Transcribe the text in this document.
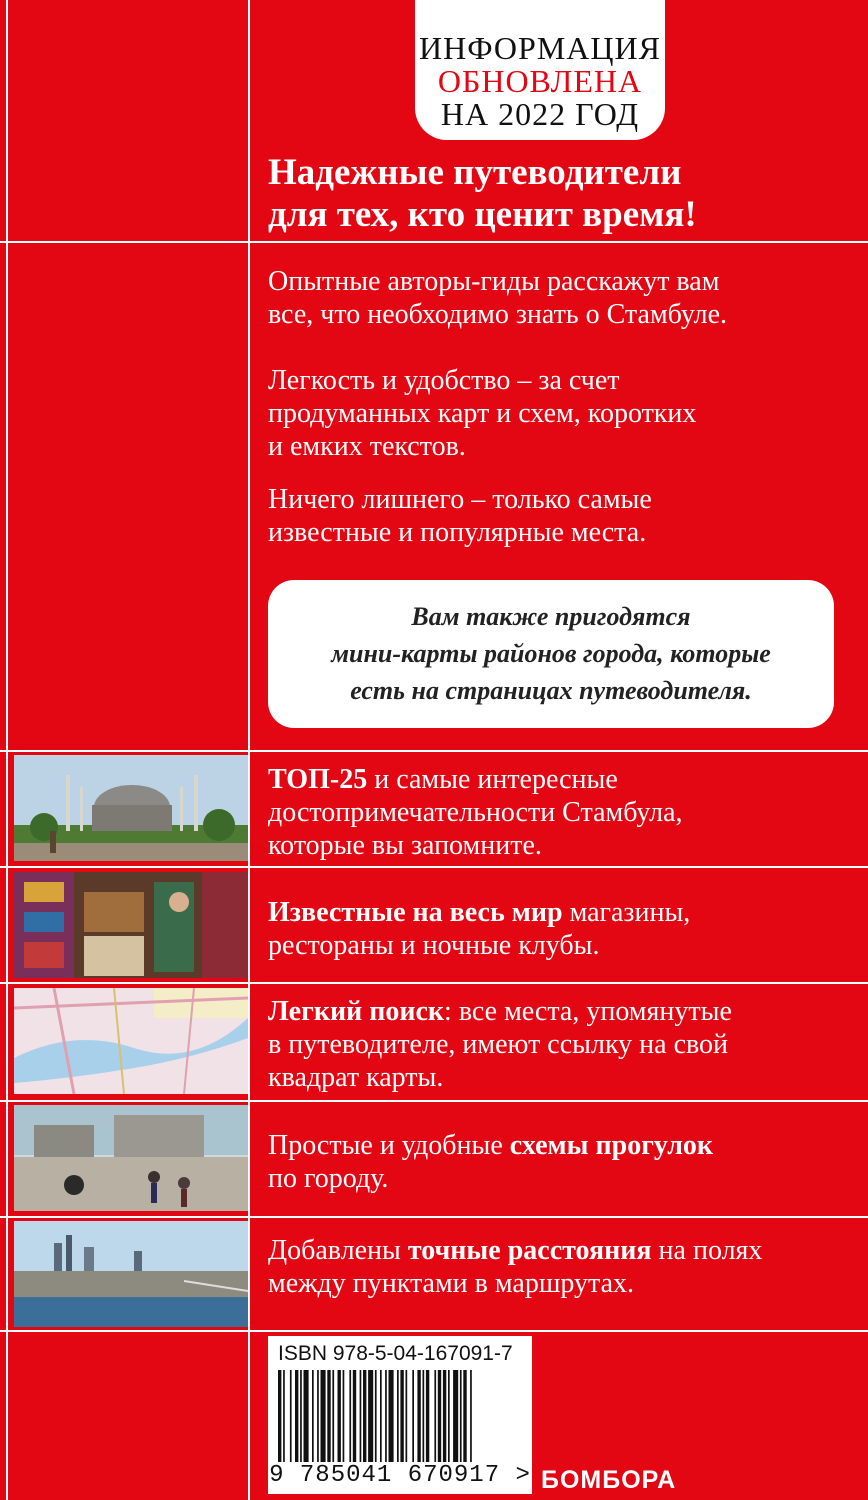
ИНФОРМАЦИЯ
ОБНОВЛЕНА
НА 2022 ГОД
Надежные путеводители
для тех, кто ценит время!
Опытные авторы-гиды расскажут вам
все, что необходимо знать о Стамбуле.
Легкость и удобство – за счет
продуманных карт и схем, коротких
и емких текстов.
Ничего лишнего – только самые
известные и популярные места.
Вам также пригодятся
мини-карты районов города, которые
есть на страницах путеводителя.
ТОП-25 и самые интересные
достопримечательности Стамбула,
которые вы запомните.
Известные на весь мир магазины,
рестораны и ночные клубы.
Легкий поиск: все места, упомянутые
в путеводителе, имеют ссылку на свой
квадрат карты.
Простые и удобные схемы прогулок
по городу.
Добавлены точные расстояния на полях
между пунктами в маршрутах.
ISBN 978-5-04-167091-7
9 785041 670917 > БОМБОРА
